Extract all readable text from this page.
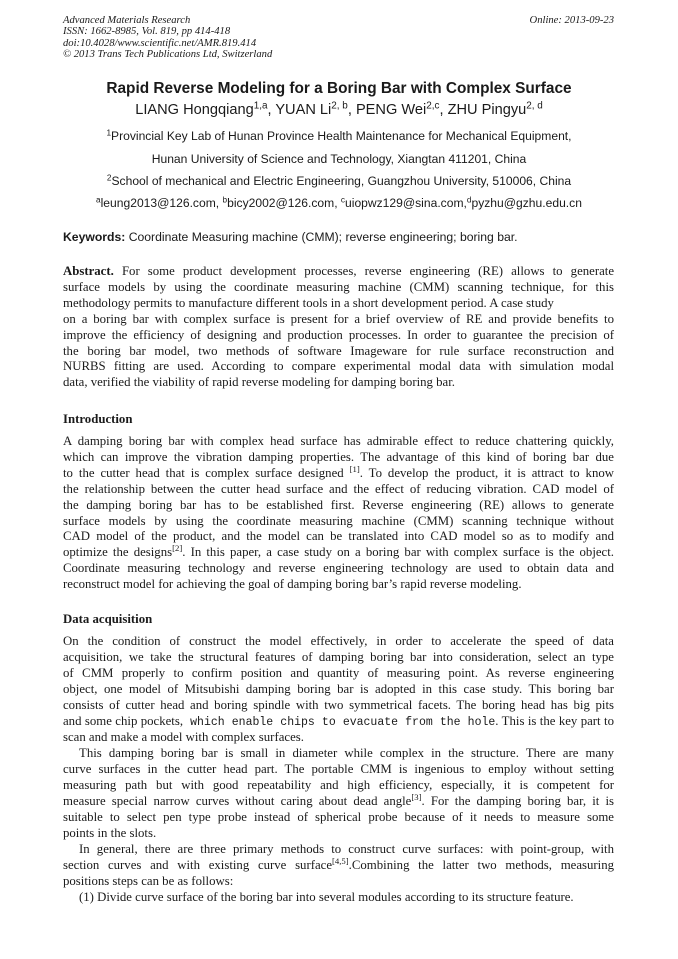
Advanced Materials Research
ISSN: 1662-8985, Vol. 819, pp 414-418
doi:10.4028/www.scientific.net/AMR.819.414
© 2013 Trans Tech Publications Ltd, Switzerland
Online: 2013-09-23
Rapid Reverse Modeling for a Boring Bar with Complex Surface
LIANG Hongqiang$^{1,a}$, YUAN Li$^{2, b}$, PENG Wei$^{2,c}$, ZHU Pingyu$^{2, d}$
$^1$Provincial Key Lab of Hunan Province Health Maintenance for Mechanical Equipment,
Hunan University of Science and Technology, Xiangtan 411201, China
$^2$School of mechanical and Electric Engineering, Guangzhou University, 510006, China
$^a$leung2013@126.com, $^b$bicy2002@126.com, $^c$uiopwz129@sina.com,$^d$pyzhu@gzhu.edu.cn
Keywords: Coordinate Measuring machine (CMM); reverse engineering; boring bar.
Abstract. For some product development processes, reverse engineering (RE) allows to generate
surface models by using the coordinate measuring machine (CMM) scanning technique, for this
methodology permits to manufacture different tools in a short development period. A case study
on a boring bar with complex surface is present for a brief overview of RE and provide benefits to
improve the efficiency of designing and production processes. In order to guarantee the precision of
the boring bar model, two methods of software Imageware for rule surface reconstruction and
NURBS fitting are used. According to compare experimental modal data with simulation modal
data, verified the viability of rapid reverse modeling for damping boring bar.
Introduction
A damping boring bar with complex head surface has admirable effect to reduce chattering quickly,
which can improve the vibration damping properties. The advantage of this kind of boring bar due
to the cutter head that is complex surface designed [1]. To develop the product, it is attract to know
the relationship between the cutter head surface and the effect of reducing vibration. CAD model of
the damping boring bar has to be established first. Reverse engineering (RE) allows to generate
surface models by using the coordinate measuring machine (CMM) scanning technique without
CAD model of the product, and the model can be translated into CAD model so as to modify and
optimize the designs[2]. In this paper, a case study on a boring bar with complex surface is the object.
Coordinate measuring technology and reverse engineering technology are used to obtain data and
reconstruct model for achieving the goal of damping boring bar’s rapid reverse modeling.
Data acquisition
On the condition of construct the model effectively, in order to accelerate the speed of data
acquisition, we take the structural features of damping boring bar into consideration, select an type
of CMM properly to confirm position and quantity of measuring point. As reverse engineering
object, one model of Mitsubishi damping boring bar is adopted in this case study. This boring bar
consists of cutter head and boring spindle with two symmetrical facets. The boring head has big pits
and some chip pockets, which enable chips to evacuate from the hole. This is the key part to
scan and make a model with complex surfaces.
This damping boring bar is small in diameter while complex in the structure. There are many
curve surfaces in the cutter head part. The portable CMM is ingenious to employ without setting
measuring path but with good repeatability and high efficiency, especially, it is competent for
measure special narrow curves without caring about dead angle[3]. For the damping boring bar, it is
suitable to select pen type probe instead of spherical probe because of it needs to measure some
points in the slots.
In general, there are three primary methods to construct curve surfaces: with point-group, with
section curves and with existing curve surface[4,5].Combining the latter two methods, measuring
positions steps can be as follows:
(1) Divide curve surface of the boring bar into several modules according to its structure feature.
